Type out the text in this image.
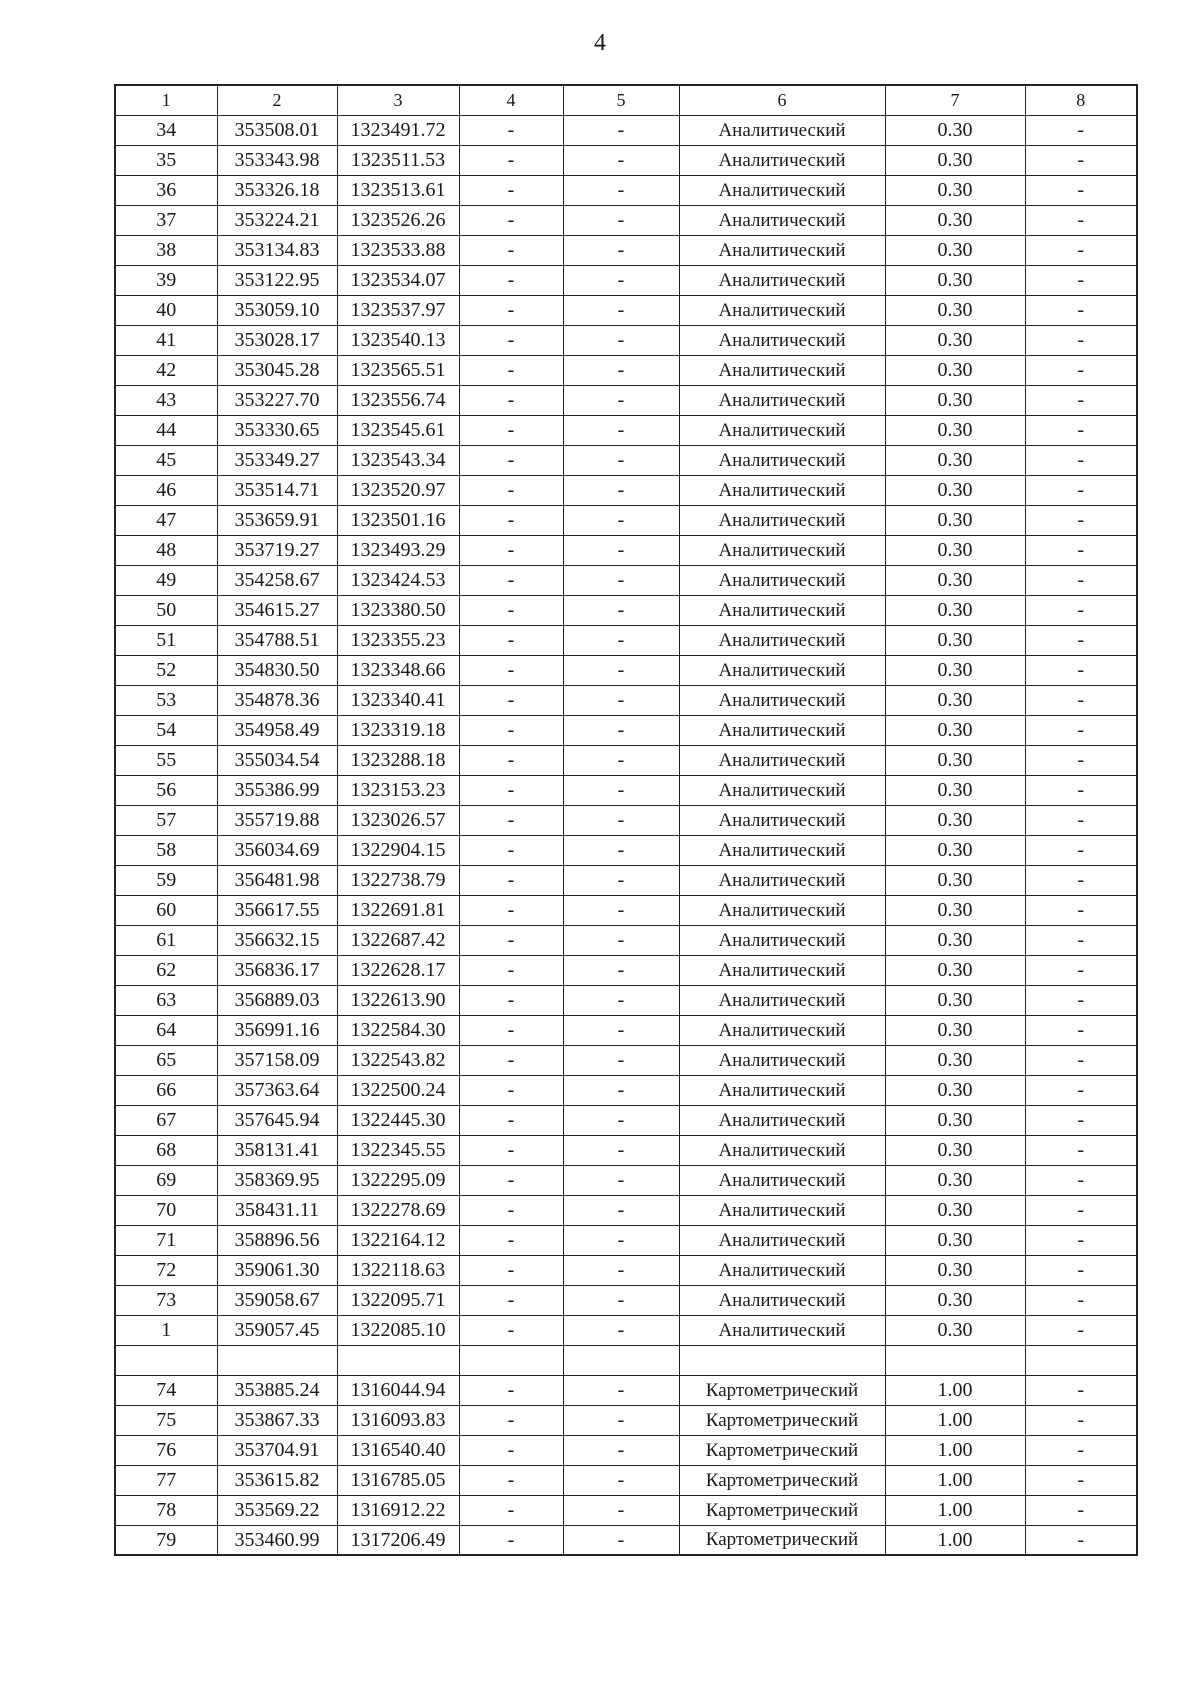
4
1	2	3	4	5	6	7	8
34	353508.01	1323491.72	-	-	Аналитический	0.30	-
35	353343.98	1323511.53	-	-	Аналитический	0.30	-
36	353326.18	1323513.61	-	-	Аналитический	0.30	-
37	353224.21	1323526.26	-	-	Аналитический	0.30	-
38	353134.83	1323533.88	-	-	Аналитический	0.30	-
39	353122.95	1323534.07	-	-	Аналитический	0.30	-
40	353059.10	1323537.97	-	-	Аналитический	0.30	-
41	353028.17	1323540.13	-	-	Аналитический	0.30	-
42	353045.28	1323565.51	-	-	Аналитический	0.30	-
43	353227.70	1323556.74	-	-	Аналитический	0.30	-
44	353330.65	1323545.61	-	-	Аналитический	0.30	-
45	353349.27	1323543.34	-	-	Аналитический	0.30	-
46	353514.71	1323520.97	-	-	Аналитический	0.30	-
47	353659.91	1323501.16	-	-	Аналитический	0.30	-
48	353719.27	1323493.29	-	-	Аналитический	0.30	-
49	354258.67	1323424.53	-	-	Аналитический	0.30	-
50	354615.27	1323380.50	-	-	Аналитический	0.30	-
51	354788.51	1323355.23	-	-	Аналитический	0.30	-
52	354830.50	1323348.66	-	-	Аналитический	0.30	-
53	354878.36	1323340.41	-	-	Аналитический	0.30	-
54	354958.49	1323319.18	-	-	Аналитический	0.30	-
55	355034.54	1323288.18	-	-	Аналитический	0.30	-
56	355386.99	1323153.23	-	-	Аналитический	0.30	-
57	355719.88	1323026.57	-	-	Аналитический	0.30	-
58	356034.69	1322904.15	-	-	Аналитический	0.30	-
59	356481.98	1322738.79	-	-	Аналитический	0.30	-
60	356617.55	1322691.81	-	-	Аналитический	0.30	-
61	356632.15	1322687.42	-	-	Аналитический	0.30	-
62	356836.17	1322628.17	-	-	Аналитический	0.30	-
63	356889.03	1322613.90	-	-	Аналитический	0.30	-
64	356991.16	1322584.30	-	-	Аналитический	0.30	-
65	357158.09	1322543.82	-	-	Аналитический	0.30	-
66	357363.64	1322500.24	-	-	Аналитический	0.30	-
67	357645.94	1322445.30	-	-	Аналитический	0.30	-
68	358131.41	1322345.55	-	-	Аналитический	0.30	-
69	358369.95	1322295.09	-	-	Аналитический	0.30	-
70	358431.11	1322278.69	-	-	Аналитический	0.30	-
71	358896.56	1322164.12	-	-	Аналитический	0.30	-
72	359061.30	1322118.63	-	-	Аналитический	0.30	-
73	359058.67	1322095.71	-	-	Аналитический	0.30	-
1	359057.45	1322085.10	-	-	Аналитический	0.30	-

74	353885.24	1316044.94	-	-	Картометрический	1.00	-
75	353867.33	1316093.83	-	-	Картометрический	1.00	-
76	353704.91	1316540.40	-	-	Картометрический	1.00	-
77	353615.82	1316785.05	-	-	Картометрический	1.00	-
78	353569.22	1316912.22	-	-	Картометрический	1.00	-
79	353460.99	1317206.49	-	-	Картометрический	1.00	-
